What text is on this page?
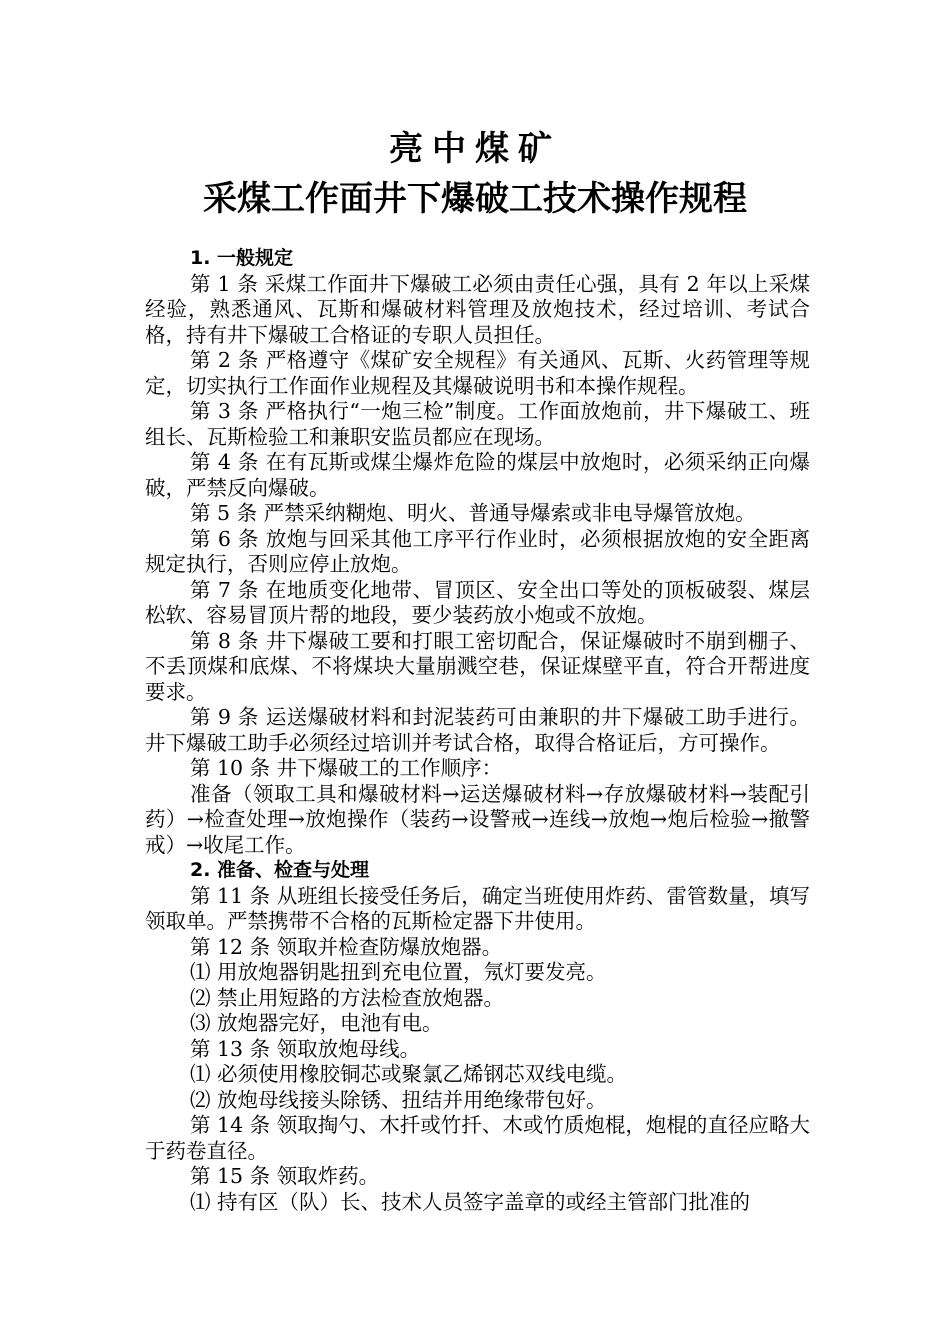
亮中煤矿
采煤工作面井下爆破工技术操作规程

1. 一般规定

第 1 条 采煤工作面井下爆破工必须由责任心强，具有 2 年以上采煤经验，熟悉通风、瓦斯和爆破材料管理及放炮技术，经过培训、考试合格，持有井下爆破工合格证的专职人员担任。

第 2 条 严格遵守《煤矿安全规程》有关通风、瓦斯、火药管理等规定，切实执行工作面作业规程及其爆破说明书和本操作规程。

第 3 条 严格执行“一炮三检”制度。工作面放炮前，井下爆破工、班组长、瓦斯检验工和兼职安监员都应在现场。

第 4 条 在有瓦斯或煤尘爆炸危险的煤层中放炮时，必须采纳正向爆破，严禁反向爆破。

第 5 条 严禁采纳糊炮、明火、普通导爆索或非电导爆管放炮。

第 6 条 放炮与回采其他工序平行作业时，必须根据放炮的安全距离规定执行，否则应停止放炮。

第 7 条 在地质变化地带、冒顶区、安全出口等处的顶板破裂、煤层松软、容易冒顶片帮的地段，要少装药放小炮或不放炮。

第 8 条 井下爆破工要和打眼工密切配合，保证爆破时不崩到棚子、不丢顶煤和底煤、不将煤块大量崩溅空巷，保证煤壁平直，符合开帮进度要求。

第 9 条 运送爆破材料和封泥装药可由兼职的井下爆破工助手进行。井下爆破工助手必须经过培训并考试合格，取得合格证后，方可操作。

第 10 条 井下爆破工的工作顺序：

准备（领取工具和爆破材料→运送爆破材料→存放爆破材料→装配引药）→检查处理→放炮操作（装药→设警戒→连线→放炮→炮后检验→撤警戒）→收尾工作。

2. 准备、检查与处理

第 11 条 从班组长接受任务后，确定当班使用炸药、雷管数量，填写领取单。严禁携带不合格的瓦斯检定器下井使用。

第 12 条 领取并检查防爆放炮器。

⑴ 用放炮器钥匙扭到充电位置，氖灯要发亮。

⑵ 禁止用短路的方法检查放炮器。

⑶ 放炮器完好，电池有电。

第 13 条 领取放炮母线。

⑴ 必须使用橡胶铜芯或聚氯乙烯钢芯双线电缆。

⑵ 放炮母线接头除锈、扭结并用绝缘带包好。

第 14 条 领取掏勺、木扦或竹扦、木或竹质炮棍，炮棍的直径应略大于药卷直径。

第 15 条 领取炸药。

⑴ 持有区（队）长、技术人员签字盖章的或经主管部门批准的
